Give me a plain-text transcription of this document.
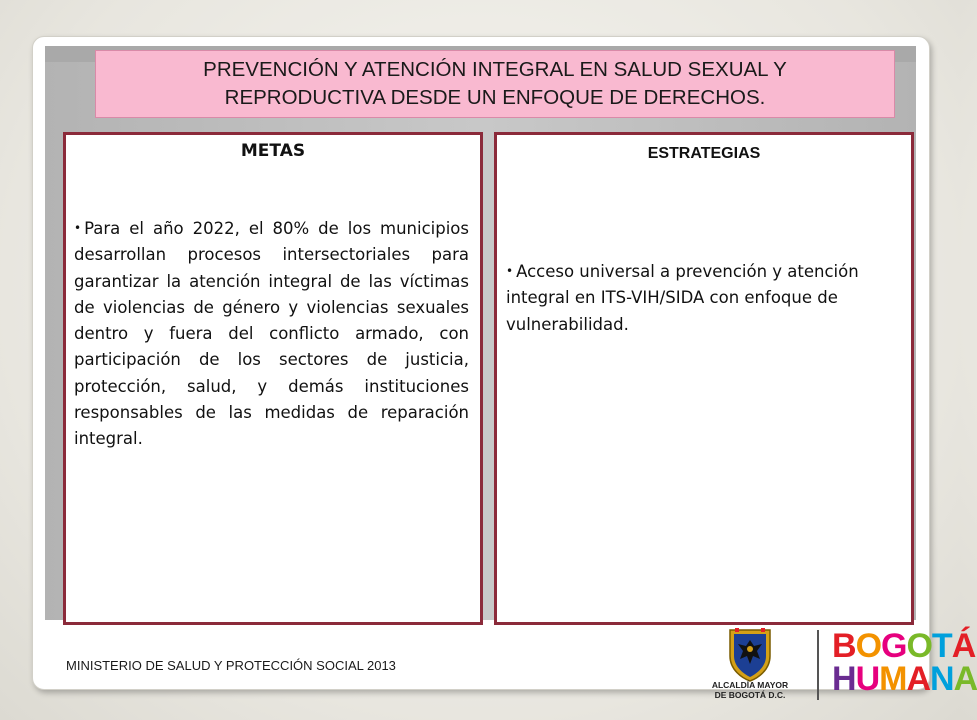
PREVENCIÓN Y ATENCIÓN INTEGRAL EN SALUD SEXUAL Y REPRODUCTIVA DESDE UN ENFOQUE DE DERECHOS.
METAS

• Para el año 2022, el 80% de los municipios desarrollan procesos intersectoriales para garantizar la atención integral de las víctimas de violencias de género y violencias sexuales dentro y fuera del conflicto armado, con participación de los sectores de justicia, protección, salud, y demás instituciones responsables de las medidas de reparación integral.

ESTRATEGIAS

• Acceso universal a prevención y atención integral en ITS-VIH/SIDA con enfoque de vulnerabilidad.

MINISTERIO DE SALUD Y PROTECCIÓN SOCIAL 2013
ALCALDÍA MAYOR
DE BOGOTÁ D.C.
BOGOTÁ
HUMANA
